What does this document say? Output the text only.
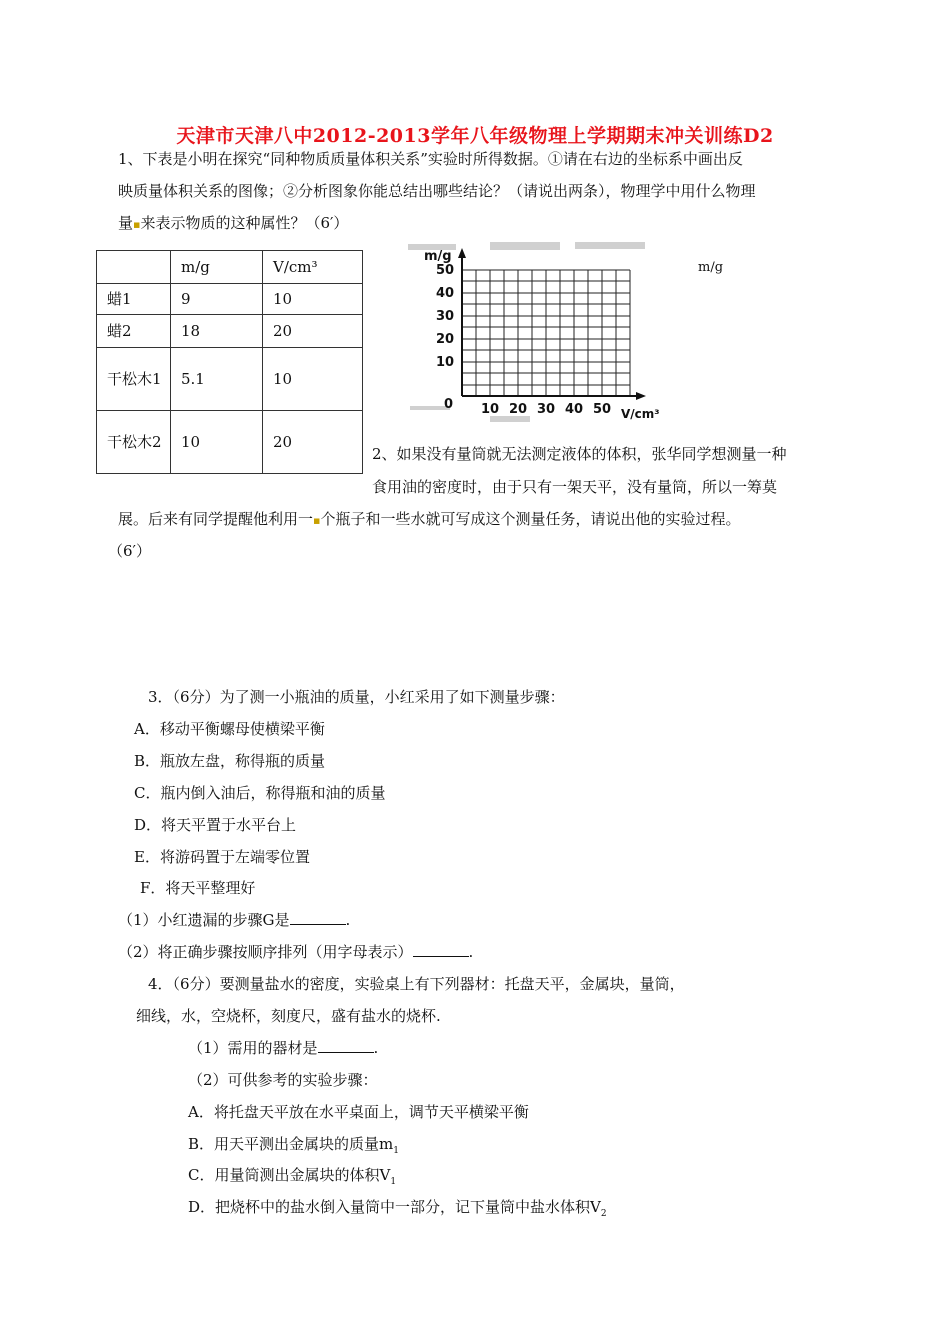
天津市天津八中2012-2013学年八年级物理上学期期末冲关训练D2
1、下表是小明在探究“同种物质质量体积关系”实验时所得数据。①请在右边的坐标系中画出反
映质量体积关系的图像；②分析图象你能总结出哪些结论？（请说出两条），物理学中用什么物理
量▪来表示物质的这种属性？（6′）
	m/g	V/cm³
蜡1	9	10
蜡2	18	20
干松木1	5.1	10
干松木2	10	20
m/g
50
40
30
20
10
0 10 20 30 40 50 V/cm³
m/g
2、如果没有量筒就无法测定液体的体积，张华同学想测量一种
食用油的密度时，由于只有一架天平，没有量筒，所以一筹莫
展。后来有同学提醒他利用一▪个瓶子和一些水就可写成这个测量任务，请说出他的实验过程。
（6′）
3．（6分）为了测一小瓶油的质量，小红采用了如下测量步骤：
A．移动平衡螺母使横梁平衡
B．瓶放左盘，称得瓶的质量
C．瓶内倒入油后，称得瓶和油的质量
D．将天平置于水平台上
E．将游码置于左端零位置
F．将天平整理好
（1）小红遗漏的步骤G是	.
（2）将正确步骤按顺序排列（用字母表示）	.
4．（6分）要测量盐水的密度，实验桌上有下列器材：托盘天平，金属块，量筒，
细线，水，空烧杯，刻度尺，盛有盐水的烧杯.
（1）需用的器材是	.
（2）可供参考的实验步骤：
A．将托盘天平放在水平桌面上，调节天平横梁平衡
B．用天平测出金属块的质量$m_1$
C．用量筒测出金属块的体积$V_1$
D．把烧杯中的盐水倒入量筒中一部分，记下量筒中盐水体积$V_2$
